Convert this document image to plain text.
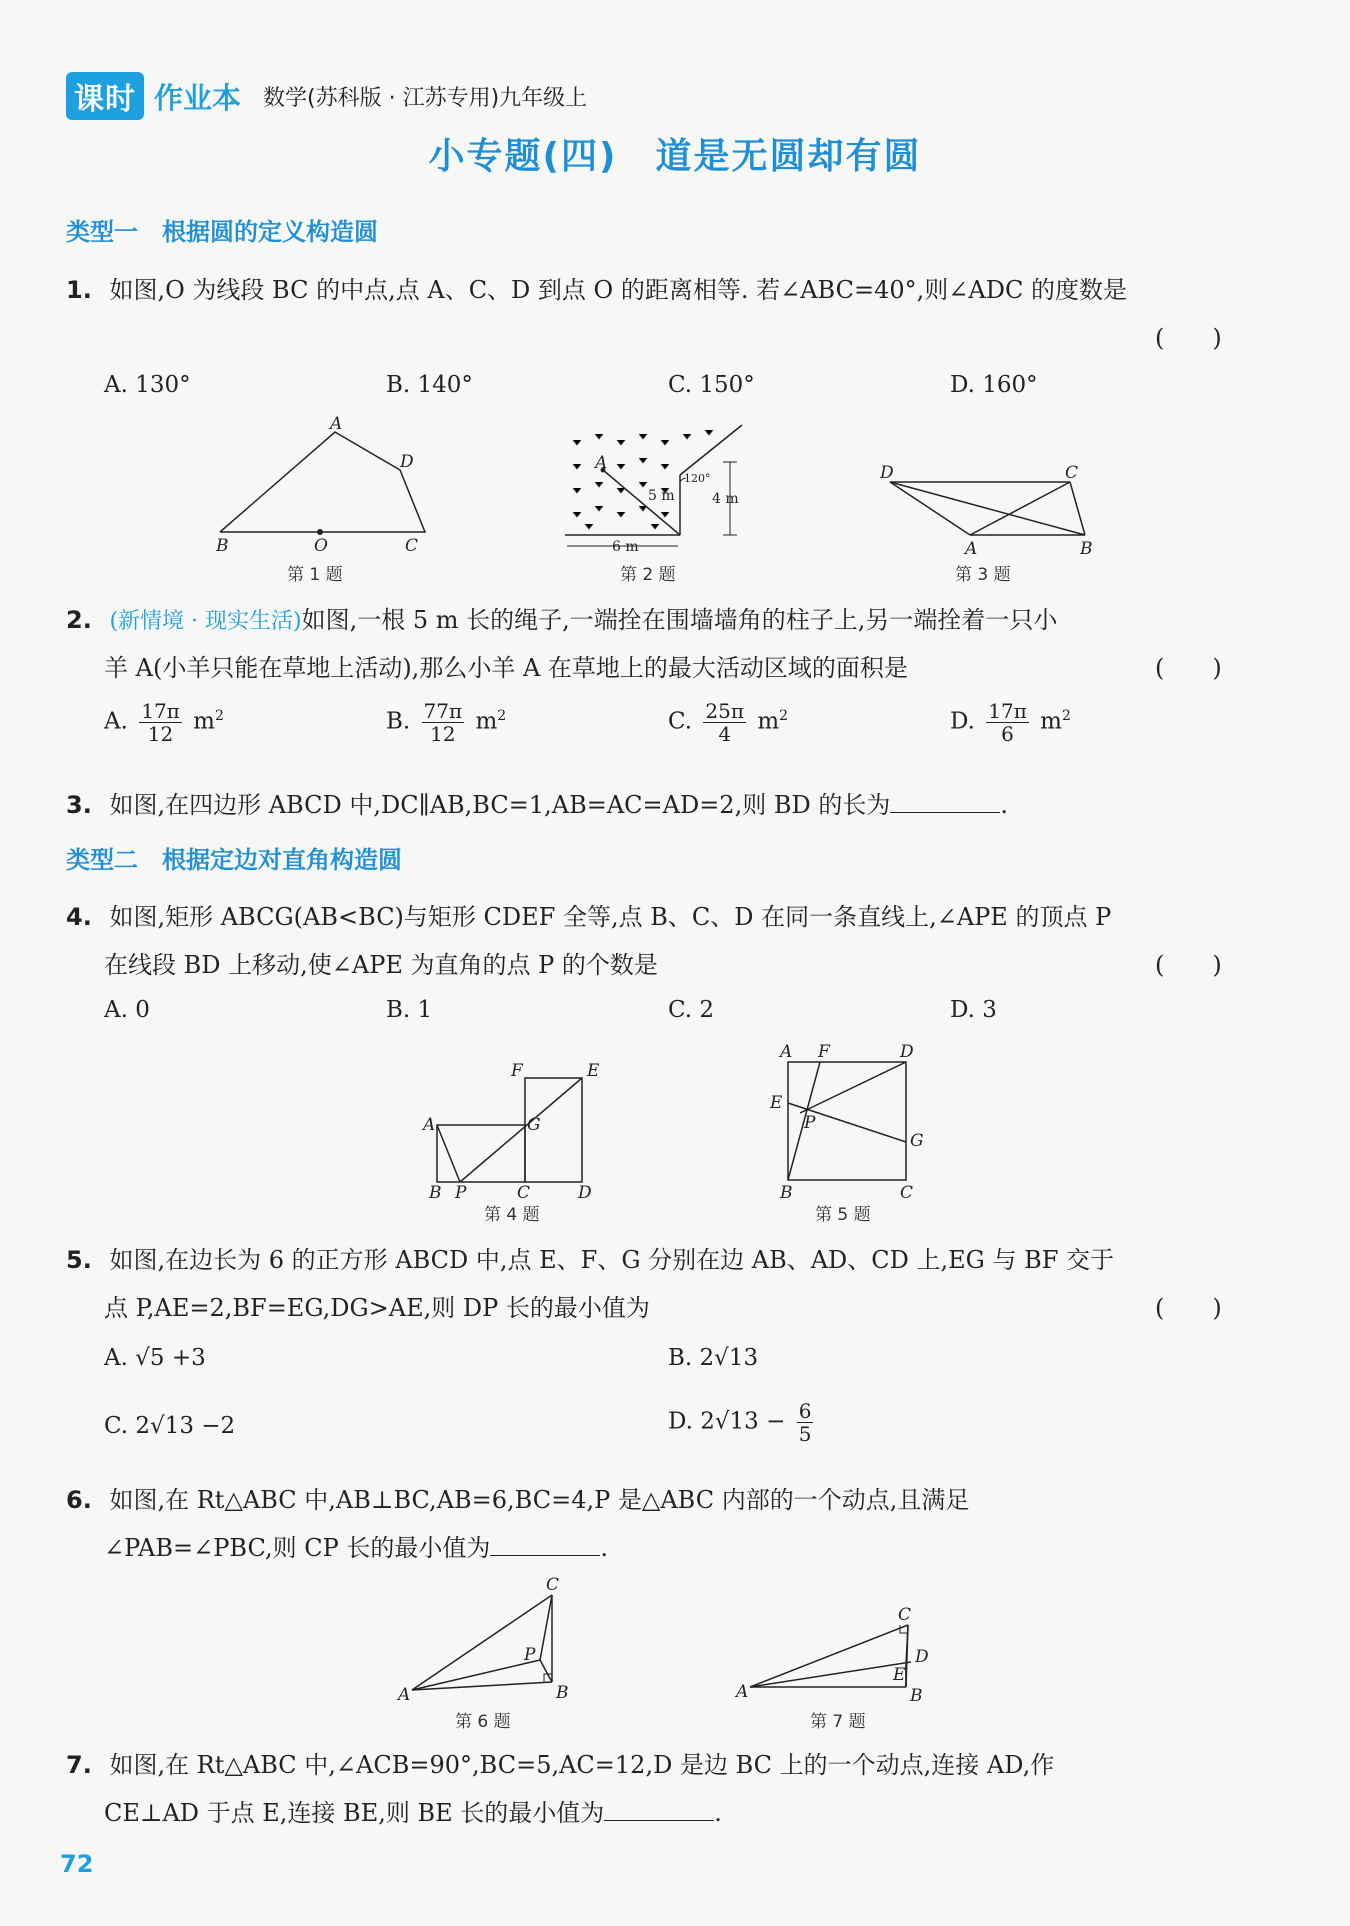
课时 作业本 数学(苏科版 · 江苏专用)九年级上
小专题(四)　道是无圆却有圆
类型一　根据圆的定义构造圆
1. 如图,O 为线段 BC 的中点,点 A、C、D 到点 O 的距离相等. 若∠ABC=40°,则∠ADC 的度数是
(　　)
A. 130°	B. 140°	C. 150°	D. 160°
A
D
B	O	C
第 1 题
A
5 m
120°
4 m
6 m
第 2 题
D	C
A	B
第 3 题
2. (新情境 · 现实生活)如图,一根 5 m 长的绳子,一端拴在围墙墙角的柱子上,另一端拴着一只小
羊 A(小羊只能在草地上活动),那么小羊 A 在草地上的最大活动区域的面积是	(　　)
A. $\frac{17\pi}{12} m^2$	B. $\frac{77\pi}{12} m^2$	C. $\frac{25\pi}{4} m^2$	D. $\frac{17\pi}{6} m^2$
3. 如图,在四边形 ABCD 中,DC∥AB,BC=1,AB=AC=AD=2,则 BD 的长为	.
类型二　根据定边对直角构造圆
4. 如图,矩形 ABCG(AB<BC)与矩形 CDEF 全等,点 B、C、D 在同一条直线上,∠APE 的顶点 P
在线段 BD 上移动,使∠APE 为直角的点 P 的个数是	(　　)
A. 0	B. 1	C. 2	D. 3
A	G
F	E
B P	C	D
第 4 题
A F	D
E
P
G
B	C
第 5 题
5. 如图,在边长为 6 的正方形 ABCD 中,点 E、F、G 分别在边 AB、AD、CD 上,EG 与 BF 交于
点 P,AE=2,BF=EG,DG>AE,则 DP 长的最小值为	(　　)
A. √5 +3	B. 2√13
C. 2√13 −2	D. $2√13 - \frac{6}{5}$
6. 如图,在 Rt△ABC 中,AB⊥BC,AB=6,BC=4,P 是△ABC 内部的一个动点,且满足
∠PAB=∠PBC,则 CP 长的最小值为	.
C
P
A	B
第 6 题
C
D
E
A	B
第 7 题
7. 如图,在 Rt△ABC 中,∠ACB=90°,BC=5,AC=12,D 是边 BC 上的一个动点,连接 AD,作
CE⊥AD 于点 E,连接 BE,则 BE 长的最小值为	.
72
